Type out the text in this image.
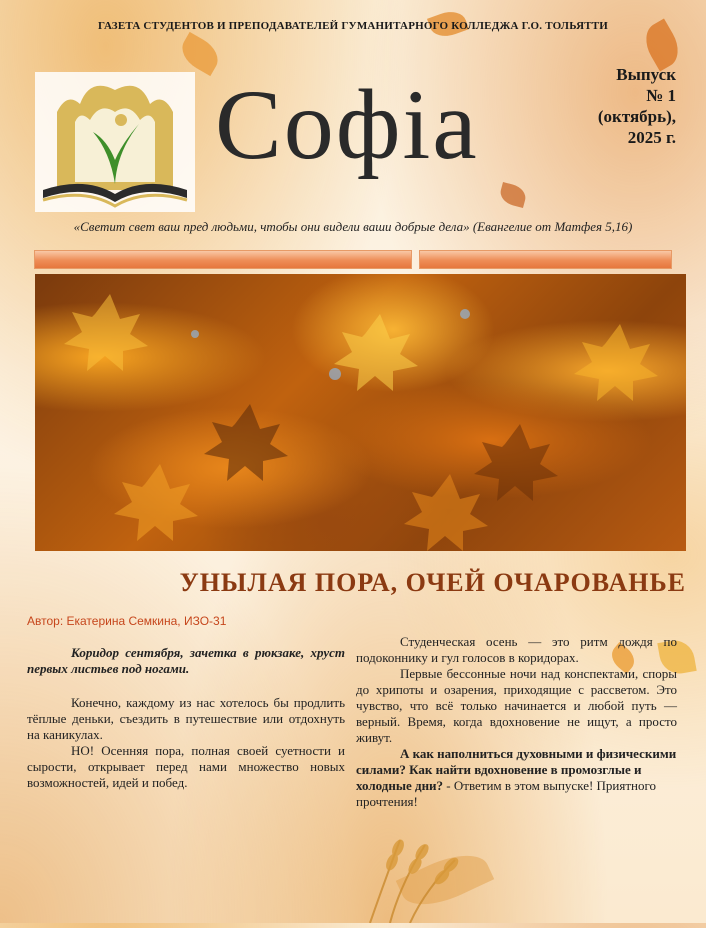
ГАЗЕТА СТУДЕНТОВ И ПРЕПОДАВАТЕЛЕЙ ГУМАНИТАРНОГО КОЛЛЕДЖА Г.О. ТОЛЬЯТТИ
Софiа	Выпуск
№ 1
(октябрь),
2025 г.
«Светит свет ваш пред людьми, чтобы они видели ваши добрые дела» (Евангелие от Матфея 5,16)
УНЫЛАЯ ПОРА, ОЧЕЙ ОЧАРОВАНЬЕ
Автор: Екатерина Семкина, ИЗО-31

Коридор сентября, зачетка в рюкзаке, хруст первых листьев под ногами.

Конечно, каждому из нас хотелось бы продлить тёплые деньки, съездить в путешествие или отдохнуть на каникулах.

НО! Осенняя пора, полная своей суетности и сырости, открывает перед нами множество новых возможностей, идей и побед.

Студенческая осень — это ритм дождя по подоконнику и гул голосов в коридорах.

Первые бессонные ночи над конспектами, споры до хрипоты и озарения, приходящие с рассветом. Это чувство, что всё только начинается и любой путь — верный. Время, когда вдохновение не ищут, а просто живут.

А как наполниться духовными и физическими силами? Как найти вдохновение в промозглые и холодные дни? - Ответим в этом выпуске! Приятного прочтения!
